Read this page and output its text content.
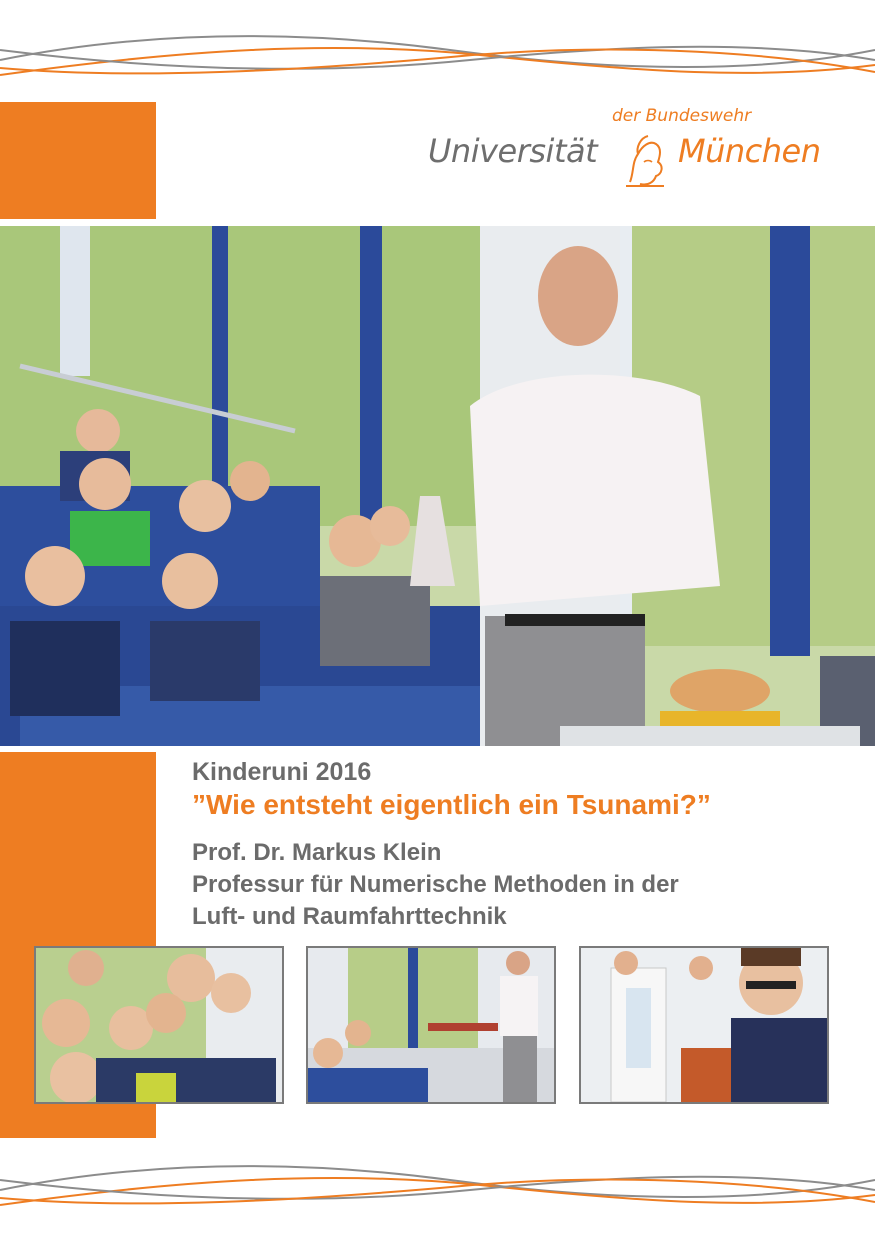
der Bundeswehr
Universität	München
Kinderuni 2016
”Wie entsteht eigentlich ein Tsunami?”
Prof. Dr. Markus Klein
Professur für Numerische Methoden in der
Luft- und Raumfahrttechnik
